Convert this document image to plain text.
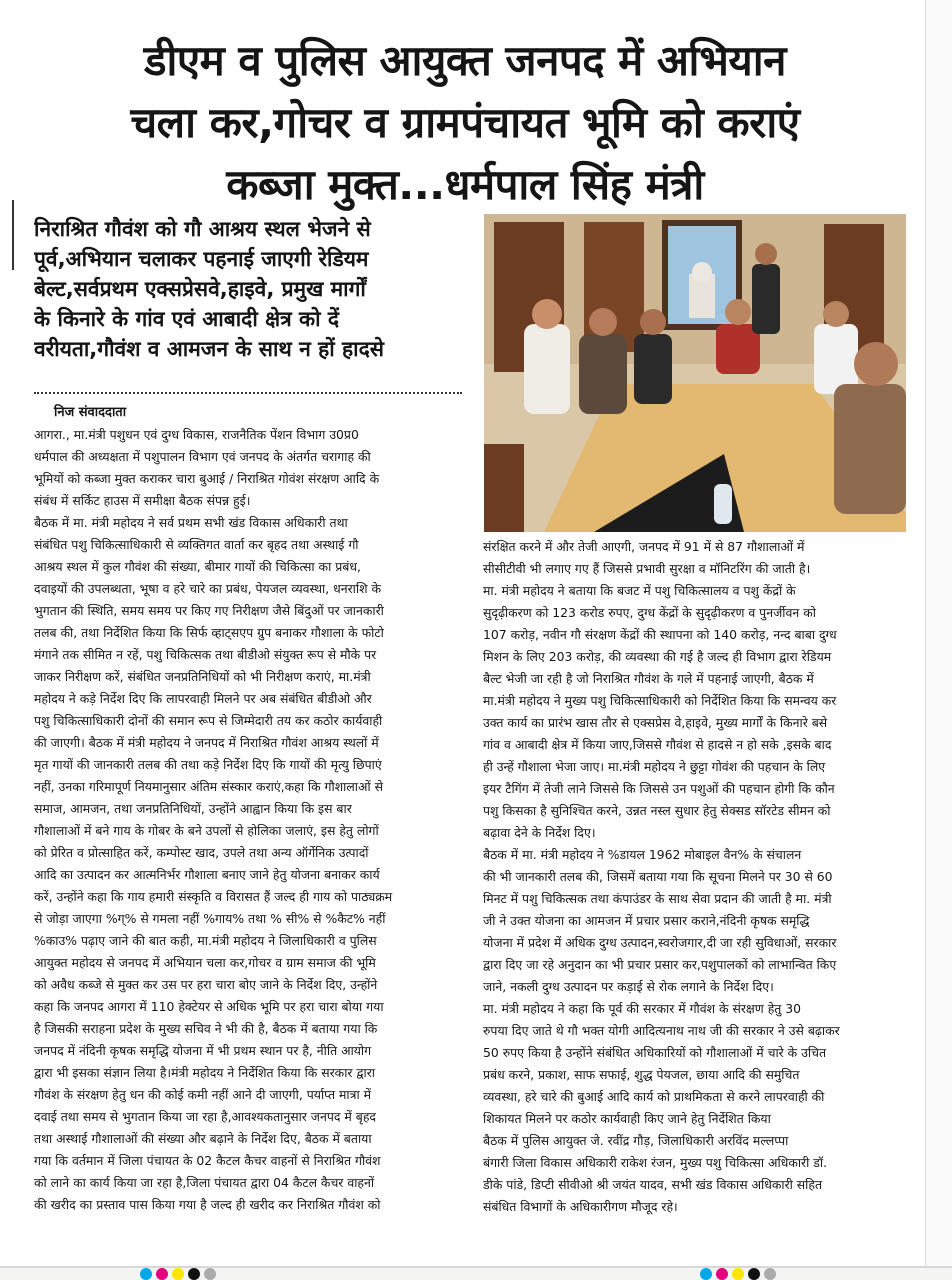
डीएम व पुलिस आयुक्त जनपद में अभियान
चला कर,गोचर व ग्रामपंचायत भूमि को कराएं
कब्जा मुक्त...धर्मपाल सिंह मंत्री
निराश्रित गौवंश को गौ आश्रय स्थल भेजने से
पूर्व,अभियान चलाकर पहनाई जाएगी रेडियम
बेल्ट,सर्वप्रथम एक्सप्रेसवे,हाइवे, प्रमुख मार्गों
के किनारे के गांव एवं आबादी क्षेत्र को दें
वरीयता,गौवंश व आमजन के साथ न हों हादसे
निज संवाददाता
आगरा., मा.मंत्री पशुधन एवं दुग्ध विकास, राजनैतिक पेंशन विभाग उ0प्र0
धर्मपाल की अध्यक्षता में पशुपालन विभाग एवं जनपद के अंतर्गत चरागाह की
भूमियों को कब्जा मुक्त कराकर चारा बुआई / निराश्रित गोवंश संरक्षण आदि के
संबंध में सर्किट हाउस में समीक्षा बैठक संपन्न हुई।
बैठक में मा. मंत्री महोदय ने सर्व प्रथम सभी खंड विकास अधिकारी तथा
संबंधित पशु चिकित्साधिकारी से व्यक्तिगत वार्ता कर बृहद तथा अस्थाई गौ
आश्रय स्थल में कुल गौवंश की संख्या, बीमार गायों की चिकित्सा का प्रबंध,
दवाइयों की उपलब्धता, भूषा व हरे चारे का प्रबंध, पेयजल व्यवस्था, धनराशि के
भुगतान की स्थिति, समय समय पर किए गए निरीक्षण जैसे बिंदुओं पर जानकारी
तलब की, तथा निर्देशित किया कि सिर्फ व्हाट्सएप ग्रुप बनाकर गौशाला के फोटो
मंगाने तक सीमित न रहें, पशु चिकित्सक तथा बीडीओ संयुक्त रूप से मौके पर
जाकर निरीक्षण करें, संबंधित जनप्रतिनिधियों को भी निरीक्षण कराएं, मा.मंत्री
महोदय ने कड़े निर्देश दिए कि लापरवाही मिलने पर अब संबंधित बीडीओ और
पशु चिकित्साधिकारी दोनों की समान रूप से जिम्मेदारी तय कर कठोर कार्यवाही
की जाएगी। बैठक में मंत्री महोदय ने जनपद में निराश्रित गौवंश आश्रय स्थलों में
मृत गायों की जानकारी तलब की तथा कड़े निर्देश दिए कि गायों की मृत्यु छिपाएं
नहीं, उनका गरिमापूर्ण नियमानुसार अंतिम संस्कार कराएं,कहा कि गौशालाओं से
समाज, आमजन, तथा जनप्रतिनिधियों, उन्होंने आह्वान किया कि इस बार
गौशालाओं में बने गाय के गोबर के बने उपलों से होलिका जलाएं, इस हेतु लोगों
को प्रेरित व प्रोत्साहित करें, कम्पोस्ट खाद, उपले तथा अन्य ऑर्गेनिक उत्पादों
आदि का उत्पादन कर आत्मनिर्भर गौशाला बनाए जाने हेतु योजना बनाकर कार्य
करें, उन्होंने कहा कि गाय हमारी संस्कृति व विरासत हैं जल्द ही गाय को पाठ्यक्रम
से जोड़ा जाएगा %ग्% से गमला नहीं %गाय% तथा % सी% से %कैट% नहीं
%काउ% पढ़ाए जाने की बात कही, मा.मंत्री महोदय ने जिलाधिकारी व पुलिस
आयुक्त महोदय से जनपद में अभियान चला कर,गोचर व ग्राम समाज की भूमि
को अवैध कब्जे से मुक्त कर उस पर हरा चारा बोए जाने के निर्देश दिए, उन्होंने
कहा कि जनपद आगरा में 110 हेक्टेयर से अधिक भूमि पर हरा चारा बोया गया
है जिसकी सराहना प्रदेश के मुख्य सचिव ने भी की है, बैठक में बताया गया कि
जनपद में नंदिनी कृषक समृद्धि योजना में भी प्रथम स्थान पर है, नीति आयोग
द्वारा भी इसका संज्ञान लिया है।मंत्री महोदय ने निर्देशित किया कि सरकार द्वारा
गौवंश के संरक्षण हेतु धन की कोई कमी नहीं आने दी जाएगी, पर्याप्त मात्रा में
दवाई तथा समय से भुगतान किया जा रहा है,आवश्यकतानुसार जनपद में बृहद
तथा अस्थाई गौशालाओं की संख्या और बढ़ाने के निर्देश दिए, बैठक में बताया
गया कि वर्तमान में जिला पंचायत के 02 कैटल कैचर वाहनों से निराश्रित गौवंश
को लाने का कार्य किया जा रहा है,जिला पंचायत द्वारा 04 कैटल कैचर वाहनों
की खरीद का प्रस्ताव पास किया गया है जल्द ही खरीद कर निराश्रित गौवंश को
संरक्षित करने में और तेजी आएगी, जनपद में 91 में से 87 गौशालाओं में
सीसीटीवी भी लगाए गए हैं जिससे प्रभावी सुरक्षा व मॉनिटरिंग की जाती है।
मा. मंत्री महोदय ने बताया कि बजट में पशु चिकित्सालय व पशु केंद्रों के
सुदृढ़ीकरण को 123 करोड रुपए, दुग्ध केंद्रों के सुदृढ़ीकरण व पुनर्जीवन को
107 करोड़, नवीन गौ संरक्षण केंद्रों की स्थापना को 140 करोड़, नन्द बाबा दुग्ध
मिशन के लिए 203 करोड़, की व्यवस्था की गई है जल्द ही विभाग द्वारा रेडियम
बैल्ट भेजी जा रही है जो निराश्रित गौवंश के गले में पहनाई जाएगी, बैठक में
मा.मंत्री महोदय ने मुख्य पशु चिकित्साधिकारी को निर्देशित किया कि समन्वय कर
उक्त कार्य का प्रारंभ खास तौर से एक्सप्रेस वे,हाइवे, मुख्य मार्गों के किनारे बसे
गांव व आबादी क्षेत्र में किया जाए,जिससे गौवंश से हादसे न हो सके ,इसके बाद
ही उन्हें गौशाला भेजा जाए। मा.मंत्री महोदय ने छुट्टा गोवंश की पहचान के लिए
इयर टैगिंग में तेजी लाने जिससे कि जिससे उन पशुओं की पहचान होगी कि कौन
पशु किसका है सुनिश्चित करने, उन्नत नस्ल सुधार हेतु सेक्सड सॉरटेड सीमन को
बढ़ावा देने के निर्देश दिए।
बैठक में मा. मंत्री महोदय ने %डायल 1962 मोबाइल वैन% के संचालन
की भी जानकारी तलब की, जिसमें बताया गया कि सूचना मिलने पर 30 से 60
मिनट में पशु चिकित्सक तथा कंपाउंडर के साथ सेवा प्रदान की जाती है मा. मंत्री
जी ने उक्त योजना का आमजन में प्रचार प्रसार कराने,नंदिनी कृषक समृद्धि
योजना में प्रदेश में अधिक दुग्ध उत्पादन,स्वरोजगार,दी जा रही सुविधाओं, सरकार
द्वारा दिए जा रहे अनुदान का भी प्रचार प्रसार कर,पशुपालकों को लाभान्वित किए
जाने, नकली दुग्ध उत्पादन पर कड़ाई से रोक लगाने के निर्देश दिए।
मा. मंत्री महोदय ने कहा कि पूर्व की सरकार में गौवंश के संरक्षण हेतु 30
रुपया दिए जाते थे गौ भक्त योगी आदित्यनाथ नाथ जी की सरकार ने उसे बढ़ाकर
50 रुपए किया है उन्होंने संबंधित अधिकारियों को गौशालाओं में चारे के उचित
प्रबंध करने, प्रकाश, साफ सफाई, शुद्ध पेयजल, छाया आदि की समुचित
व्यवस्था, हरे चारे की बुआई आदि कार्य को प्राथमिकता से करने लापरवाही की
शिकायत मिलने पर कठोर कार्यवाही किए जाने हेतु निर्देशित किया
बैठक में पुलिस आयुक्त जे. रवींद्र गौड़, जिलाधिकारी अरविंद मल्लप्पा
बंगारी जिला विकास अधिकारी राकेश रंजन, मुख्य पशु चिकित्सा अधिकारी डॉ.
डीके पांडे, डिप्टी सीवीओ श्री जयंत यादव, सभी खंड विकास अधिकारी सहित
संबंधित विभागों के अधिकारीगण मौजूद रहे।
